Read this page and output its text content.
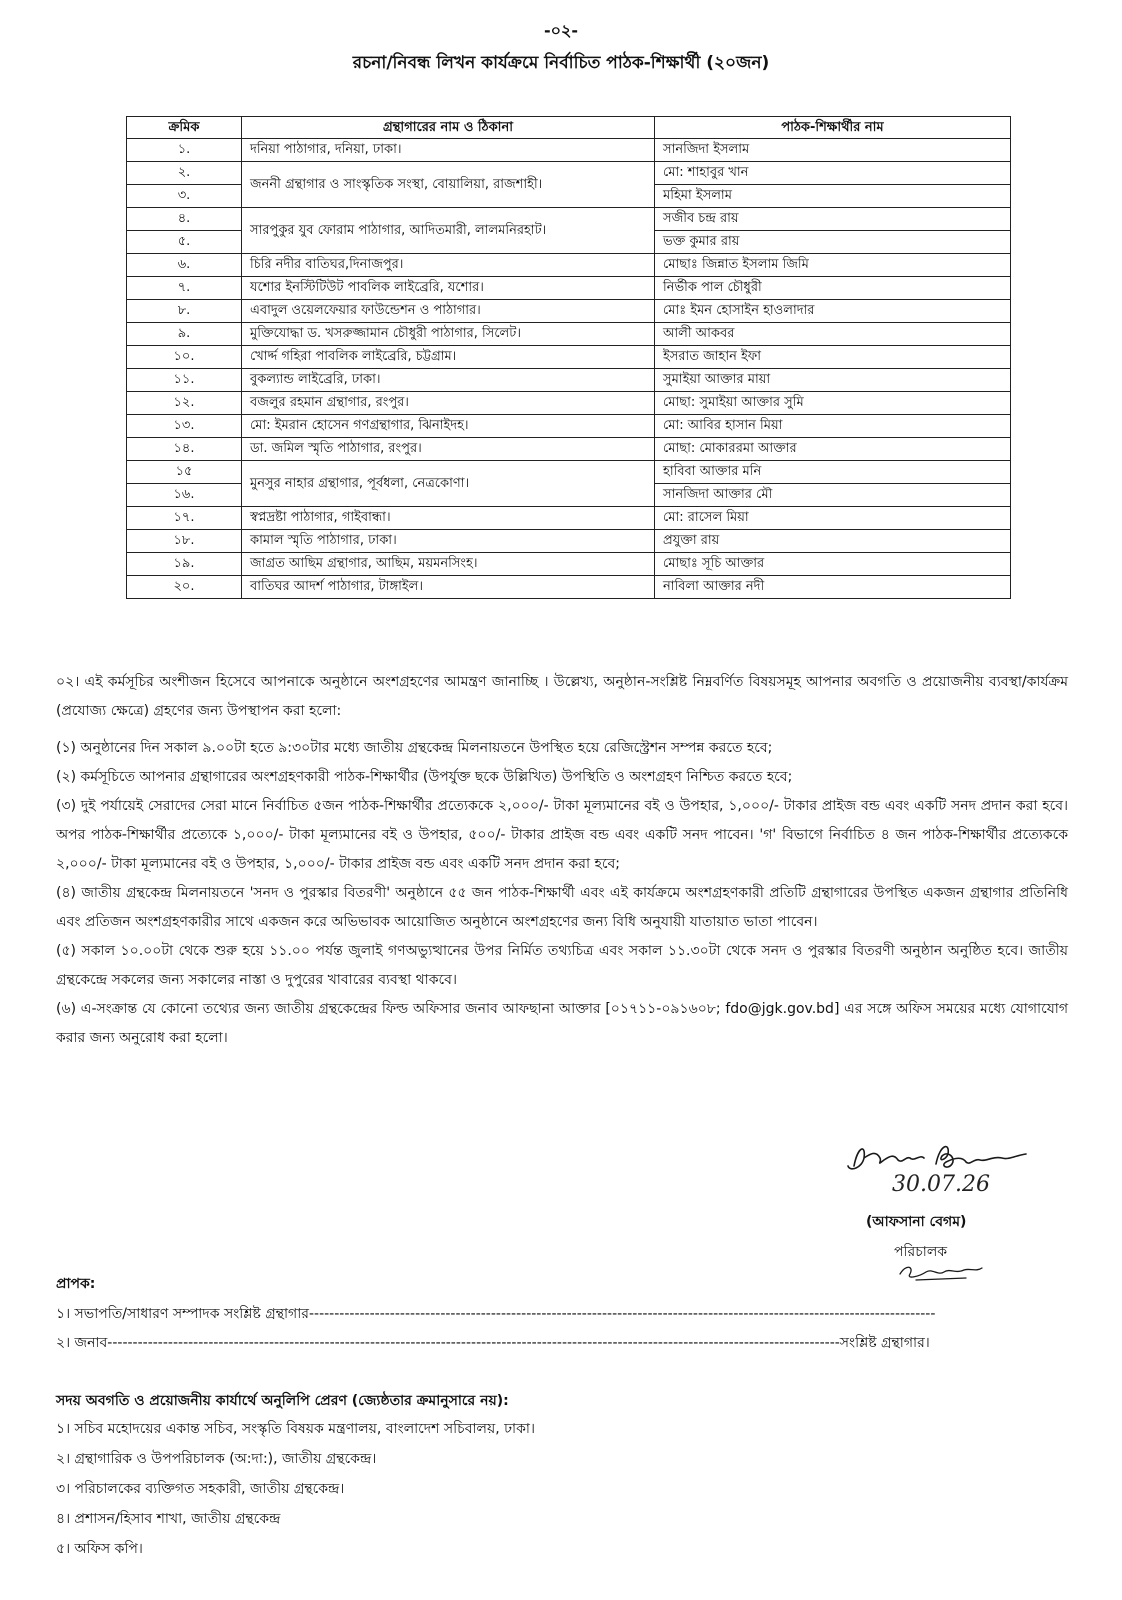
-০২-
রচনা/নিবন্ধ লিখন কার্যক্রমে নির্বাচিত পাঠক-শিক্ষার্থী (২০জন)
ক্রমিক	গ্রন্থাগারের নাম ও ঠিকানা	পাঠক-শিক্ষার্থীর নাম
১.	দনিয়া পাঠাগার, দনিয়া, ঢাকা।	সানজিদা ইসলাম
২.	জননী গ্রন্থাগার ও সাংস্কৃতিক সংস্থা, বোয়ালিয়া, রাজশাহী।	মো: শাহাবুর খান
৩.		মহিমা ইসলাম
৪.	সারপুকুর যুব ফোরাম পাঠাগার, আদিতমারী, লালমনিরহাট।	সজীব চন্দ্র রায়
৫.		ভক্ত কুমার রায়
৬.	চিরি নদীর বাতিঘর,দিনাজপুর।	মোছাঃ জিন্নাত ইসলাম জিমি
৭.	যশোর ইনস্টিটিউট পাবলিক লাইব্রেরি, যশোর।	নির্ভীক পাল চৌধুরী
৮.	এবাদুল ওয়েলফেয়ার ফাউন্ডেশন ও পাঠাগার।	মোঃ ইমন হোসাইন হাওলাদার
৯.	মুক্তিযোদ্ধা ড. খসরুজ্জামান চৌধুরী পাঠাগার, সিলেট।	আলী আকবর
১০.	খোর্দ্দ গহিরা পাবলিক লাইব্রেরি, চট্টগ্রাম।	ইসরাত জাহান ইফা
১১.	বুকল্যান্ড লাইব্রেরি, ঢাকা।	সুমাইয়া আক্তার মায়া
১২.	বজলুর রহমান গ্রন্থাগার, রংপুর।	মোছা: সুমাইয়া আক্তার সুমি
১৩.	মো: ইমরান হোসেন গণগ্রন্থাগার, ঝিনাইদহ।	মো: আবির হাসান মিয়া
১৪.	ডা. জমিল স্মৃতি পাঠাগার, রংপুর।	মোছা: মোকাররমা আক্তার
১৫	মুনসুর নাহার গ্রন্থাগার, পূর্বধলা, নেত্রকোণা।	হাবিবা আক্তার মনি
১৬.		সানজিদা আক্তার মৌ
১৭.	স্বপ্নদ্রষ্টা পাঠাগার, গাইবান্ধা।	মো: রাসেল মিয়া
১৮.	কামাল স্মৃতি পাঠাগার, ঢাকা।	প্রযুক্তা রায়
১৯.	জাগ্রত আছিম গ্রন্থাগার, আছিম, ময়মনসিংহ।	মোছাঃ সূচি আক্তার
২০.	বাতিঘর আদর্শ পাঠাগার, টাঙ্গাইল।	নাবিলা আক্তার নদী

০২। এই কর্মসূচির অংশীজন হিসেবে আপনাকে অনুষ্ঠানে অংশগ্রহণের আমন্ত্রণ জানাচ্ছি । উল্লেখ্য, অনুষ্ঠান-সংশ্লিষ্ট নিম্নবর্ণিত বিষয়সমূহ আপনার অবগতি ও প্রয়োজনীয় ব্যবস্থা/কার্যক্রম (প্রযোজ্য ক্ষেত্রে) গ্রহণের জন্য উপস্থাপন করা হলো:

(১) অনুষ্ঠানের দিন সকাল ৯.০০টা হতে ৯:৩০টার মধ্যে জাতীয় গ্রন্থকেন্দ্র মিলনায়তনে উপস্থিত হয়ে রেজিস্ট্রেশন সম্পন্ন করতে হবে;

(২) কর্মসূচিতে আপনার গ্রন্থাগারের অংশগ্রহণকারী পাঠক-শিক্ষার্থীর (উপর্যুক্ত ছকে উল্লিখিত) উপস্থিতি ও অংশগ্রহণ নিশ্চিত করতে হবে;

(৩) দুই পর্যায়েই সেরাদের সেরা মানে নির্বাচিত ৫জন পাঠক-শিক্ষার্থীর প্রত্যেককে ২,০০০/- টাকা মূল্যমানের বই ও উপহার, ১,০০০/- টাকার প্রাইজ বন্ড এবং একটি সনদ প্রদান করা হবে। অপর পাঠক-শিক্ষার্থীর প্রত্যেকে ১,০০০/- টাকা মূল্যমানের বই ও উপহার, ৫০০/- টাকার প্রাইজ বন্ড এবং একটি সনদ পাবেন। 'গ' বিভাগে নির্বাচিত ৪ জন পাঠক-শিক্ষার্থীর প্রত্যেককে ২,০০০/- টাকা মূল্যমানের বই ও উপহার, ১,০০০/- টাকার প্রাইজ বন্ড এবং একটি সনদ প্রদান করা হবে;

(৪) জাতীয় গ্রন্থকেন্দ্র মিলনায়তনে 'সনদ ও পুরস্কার বিতরণী' অনুষ্ঠানে ৫৫ জন পাঠক-শিক্ষার্থী এবং এই কার্যক্রমে অংশগ্রহণকারী প্রতিটি গ্রন্থাগারের উপস্থিত একজন গ্রন্থাগার প্রতিনিধি এবং প্রতিজন অংশগ্রহণকারীর সাথে একজন করে অভিভাবক আয়োজিত অনুষ্ঠানে অংশগ্রহণের জন্য বিধি অনুযায়ী যাতায়াত ভাতা পাবেন।

(৫) সকাল ১০.০০টা থেকে শুরু হয়ে ১১.০০ পর্যন্ত জুলাই গণঅভ্যুত্থানের উপর নির্মিত তথ্যচিত্র এবং সকাল ১১.৩০টা থেকে সনদ ও পুরস্কার বিতরণী অনুষ্ঠান অনুষ্ঠিত হবে। জাতীয় গ্রন্থকেন্দ্রে সকলের জন্য সকালের নাস্তা ও দুপুরের খাবারের ব্যবস্থা থাকবে।

(৬) এ-সংক্রান্ত যে কোনো তথ্যের জন্য জাতীয় গ্রন্থকেন্দ্রের ফিল্ড অফিসার জনাব আফছানা আক্তার [০১৭১১-০৯১৬০৮; fdo@jgk.gov.bd] এর সঙ্গে অফিস সময়ের মধ্যে যোগাযোগ করার জন্য অনুরোধ করা হলো।

30.07.26
(আফসানা বেগম)
পরিচালক
প্রাপক:
১। সভাপতি/সাধারণ সম্পাদক সংশ্লিষ্ট গ্রন্থাগার----------------------------------------------------------------------------------------------------------------------------
২। জনাব-------------------------------------------------------------------------------------------------------------------------------------------------সংশ্লিষ্ট গ্রন্থাগার।
সদয় অবগতি ও প্রয়োজনীয় কার্যার্থে অনুলিপি প্রেরণ (জ্যেষ্ঠতার ক্রমানুসারে নয়):
১। সচিব মহোদয়ের একান্ত সচিব, সংস্কৃতি বিষয়ক মন্ত্রণালয়, বাংলাদেশ সচিবালয়, ঢাকা।
২। গ্রন্থাগারিক ও উপপরিচালক (অ:দা:), জাতীয় গ্রন্থকেন্দ্র।
৩। পরিচালকের ব্যক্তিগত সহকারী, জাতীয় গ্রন্থকেন্দ্র।
৪। প্রশাসন/হিসাব শাখা, জাতীয় গ্রন্থকেন্দ্র
৫। অফিস কপি।
